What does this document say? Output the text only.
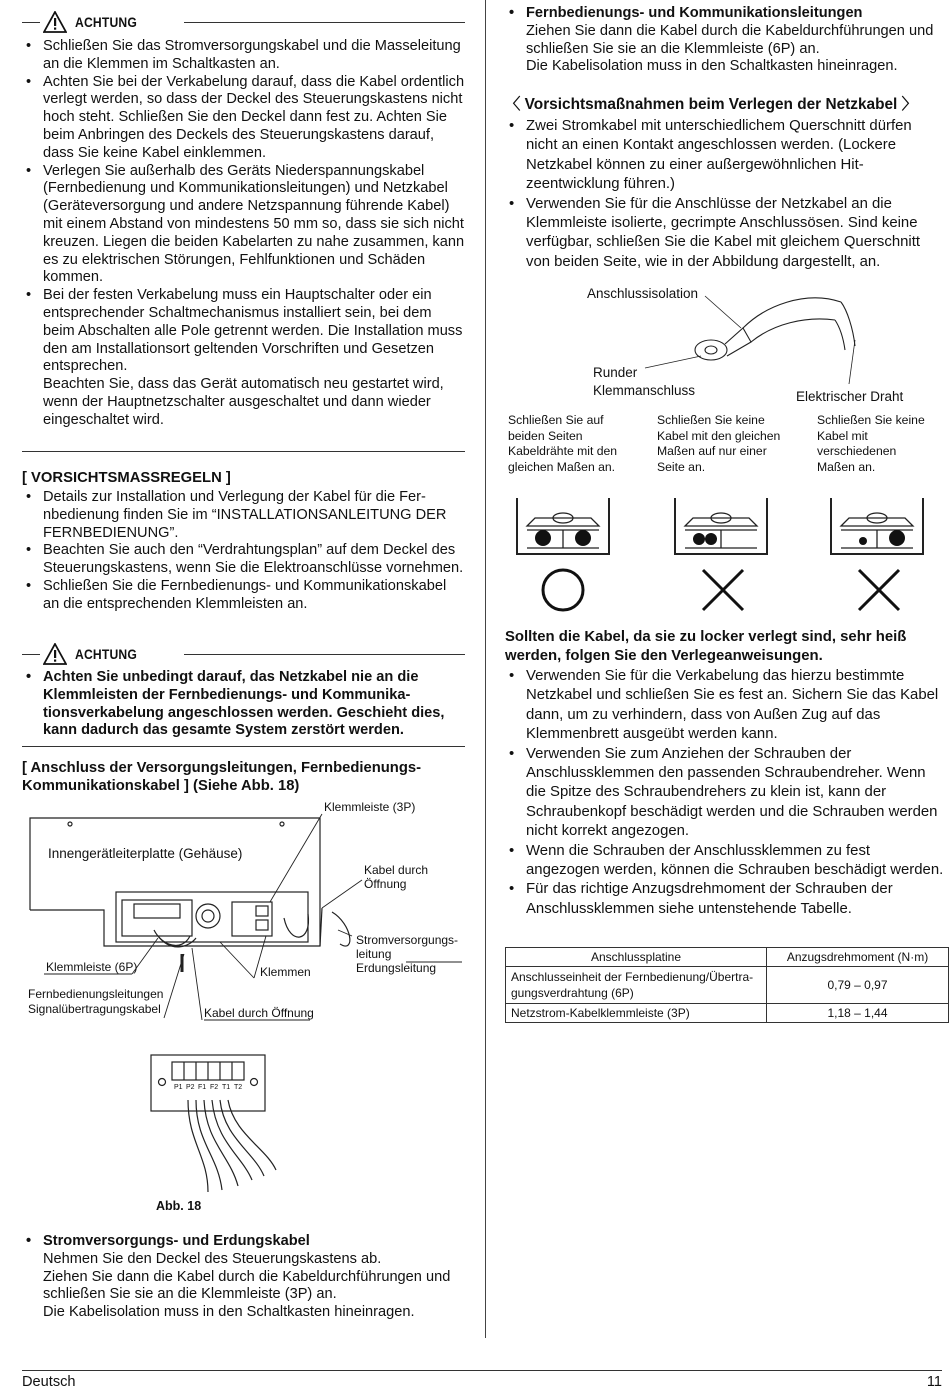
ACHTUNG
• Schließen Sie das Stromversorgungskabel und die Masseleitung an die Klemmen im Schaltkasten an.
• Achten Sie bei der Verkabelung darauf, dass die Kabel ordentlich verlegt werden, so dass der Deckel des Steuerungskastens nicht hoch steht. Schließen Sie den Deckel dann fest zu. Achten Sie beim Anbringen des Deckels des Steuerungskastens darauf, dass Sie keine Kabel einklemmen.
• Verlegen Sie außerhalb des Geräts Niederspannungskabel (Fernbedienung und Kommunikationsleitungen) und Netzkabel (Geräteversorgung und andere Netzspannung führende Kabel) mit einem Abstand von mindestens 50 mm so, dass sie sich nicht kreuzen. Liegen die beiden Kabelarten zu nahe zusammen, kann es zu elektrischen Störungen, Fehlfunktionen und Schäden kommen.
• Bei der festen Verkabelung muss ein Hauptschalter oder ein entsprechender Schaltmechanismus installiert sein, bei dem beim Abschalten alle Pole getrennt werden. Die Installation muss den am Installationsort geltenden Vorschriften und Gesetzen entsprechen.
Beachten Sie, dass das Gerät automatisch neu gestartet wird, wenn der Hauptnetzschalter ausgeschaltet und dann wieder eingeschaltet wird.
[ VORSICHTSMASSREGELN ]
• Details zur Installation und Verlegung der Kabel für die Fernbedienung finden Sie im “INSTALLATIONSANLEITUNG DER FERNBEDIENUNG”.
• Beachten Sie auch den “Verdrahtungsplan” auf dem Deckel des Steuerungskastens, wenn Sie die Elektroanschlüsse vornehmen.
• Schließen Sie die Fernbedienungs- und Kommunikationskabel an die entsprechenden Klemmleisten an.
ACHTUNG
• Achten Sie unbedingt darauf, das Netzkabel nie an die Klemmleisten der Fernbedienungs- und Kommunikationsverkabelung angeschlossen werden. Geschieht dies, kann dadurch das gesamte System zerstört werden.
[ Anschluss der Versorgungsleitungen, Fernbedienungs-Kommunikationskabel ] (Siehe Abb. 18)
Innengerätleiterplatte (Gehäuse)
Klemmleiste (3P)
Kabel durch
Öffnung
Stromversorgungs-
leitung
Erdungsleitung
Klemmleiste (6P)	Klemmen
Fernbedienungsleitungen
Signalübertragungskabel	Kabel durch Öffnung
P1 P2 F1 F2 T1 T2
Abb. 18
• Stromversorgungs- und Erdungskabel
Nehmen Sie den Deckel des Steuerungskastens ab.
Ziehen Sie dann die Kabel durch die Kabeldurchführungen und schließen Sie sie an die Klemmleiste (3P) an.
Die Kabelisolation muss in den Schaltkasten hineinragen.
• Fernbedienungs- und Kommunikationsleitungen
Ziehen Sie dann die Kabel durch die Kabeldurchführungen und schließen Sie sie an die Klemmleiste (6P) an.
Die Kabelisolation muss in den Schaltkasten hineinragen.
〈 Vorsichtsmaßnahmen beim Verlegen der Netzkabel 〉
• Zwei Stromkabel mit unterschiedlichem Querschnitt dürfen nicht an einen Kontakt angeschlossen werden. (Lockere Netzkabel können zu einer außergewöhnlichen Hitzeentwicklung führen.)
• Verwenden Sie für die Anschlüsse der Netzkabel an die Klemmleiste isolierte, gecrimpte Anschlussösen. Sind keine verfügbar, schließen Sie die Kabel mit gleichem Querschnitt von beiden Seite, wie in der Abbildung dargestellt, an.
Anschlussisolation
Runder
Klemmanschluss	Elektrischer Draht
Schließen Sie auf beiden Seiten Kabeldrähte mit den gleichen Maßen an.
Schließen Sie keine Kabel mit den gleichen Maßen auf nur einer Seite an.
Schließen Sie keine Kabel mit verschiedenen Maßen an.
Sollten die Kabel, da sie zu locker verlegt sind, sehr heiß werden, folgen Sie den Verlegeanweisungen.
• Verwenden Sie für die Verkabelung das hierzu bestimmte Netzkabel und schließen Sie es fest an. Sichern Sie das Kabel dann, um zu verhindern, dass von Außen Zug auf das Klemmenbrett ausgeübt werden kann.
• Verwenden Sie zum Anziehen der Schrauben der Anschlussklemmen den passenden Schraubendreher. Wenn die Spitze des Schraubendrehers zu klein ist, kann der Schraubenkopf beschädigt werden und die Schrauben werden nicht korrekt angezogen.
• Wenn die Schrauben der Anschlussklemmen zu fest angezogen werden, können die Schrauben beschädigt werden.
• Für das richtige Anzugsdrehmoment der Schrauben der Anschlussklemmen siehe untenstehende Tabelle.
Anschlussplatine	Anzugsdrehmoment (N·m)
Anschlusseinheit der Fernbedienung/Übertragungsverdrahtung (6P)	0,79 – 0,97
Netzstrom-Kabelklemmleiste (3P)	1,18 – 1,44
Deutsch	11
